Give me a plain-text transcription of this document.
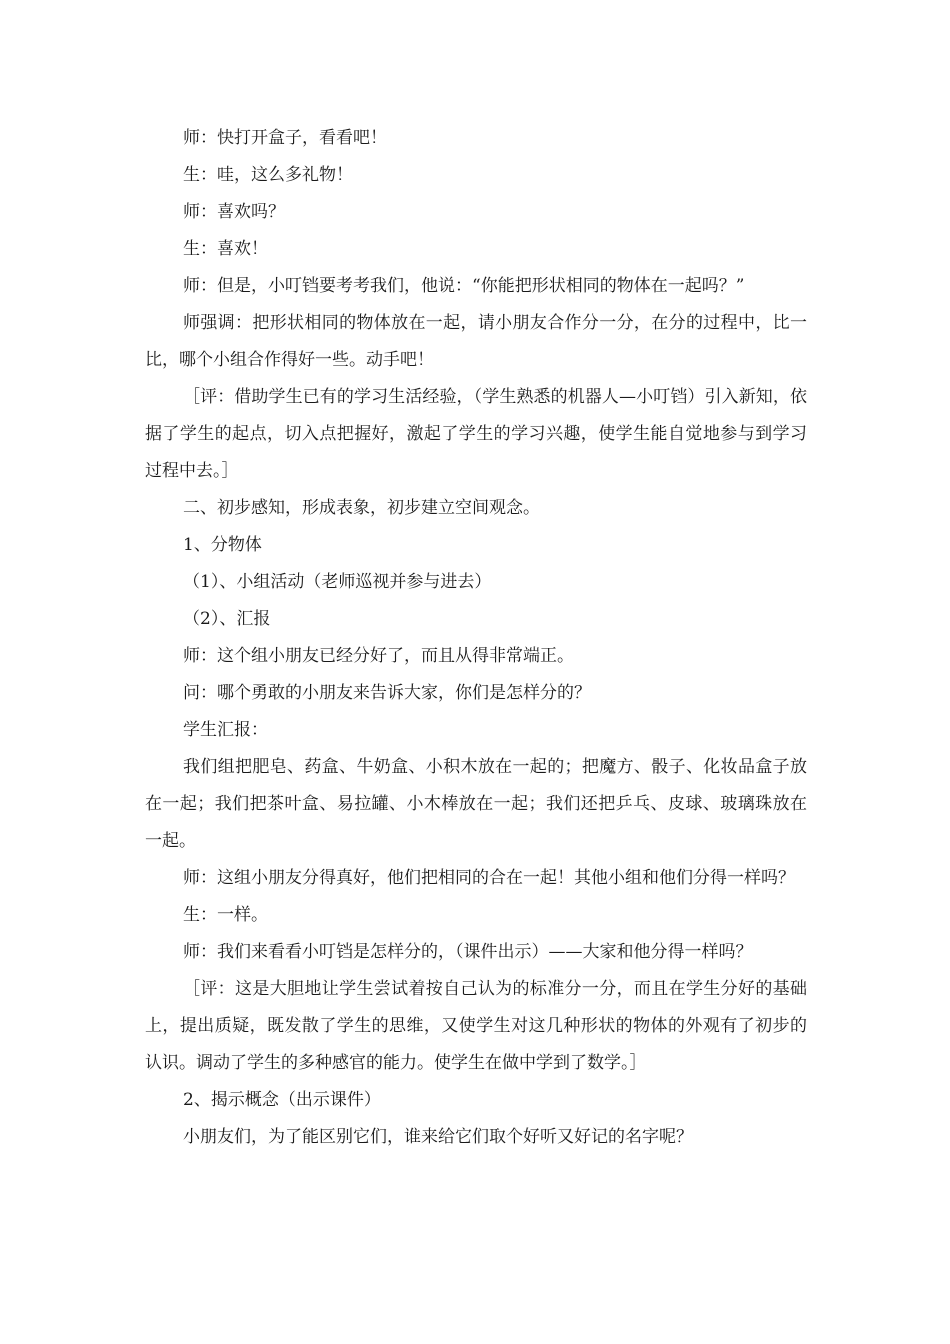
师：快打开盒子，看看吧！

生：哇，这么多礼物！

师：喜欢吗？

生：喜欢！

师：但是，小叮铛要考考我们，他说：“你能把形状相同的物体在一起吗？”

师强调：把形状相同的物体放在一起，请小朋友合作分一分，在分的过程中，比一比，哪个小组合作得好一些。动手吧！

［评：借助学生已有的学习生活经验，（学生熟悉的机器人—小叮铛）引入新知，依据了学生的起点，切入点把握好，激起了学生的学习兴趣，使学生能自觉地参与到学习过程中去。］

二、初步感知，形成表象，初步建立空间观念。

1、分物体

（1）、小组活动（老师巡视并参与进去）

（2）、汇报

师：这个组小朋友已经分好了，而且从得非常端正。

问：哪个勇敢的小朋友来告诉大家，你们是怎样分的？

学生汇报：

我们组把肥皂、药盒、牛奶盒、小积木放在一起的；把魔方、骰子、化妆品盒子放在一起；我们把茶叶盒、易拉罐、小木棒放在一起；我们还把乒乓、皮球、玻璃珠放在一起。

师：这组小朋友分得真好，他们把相同的合在一起！其他小组和他们分得一样吗？

生：一样。

师：我们来看看小叮铛是怎样分的，（课件出示）——大家和他分得一样吗？

［评：这是大胆地让学生尝试着按自己认为的标准分一分，而且在学生分好的基础上，提出质疑，既发散了学生的思维，又使学生对这几种形状的物体的外观有了初步的认识。调动了学生的多种感官的能力。使学生在做中学到了数学。］

2、揭示概念（出示课件）

小朋友们，为了能区别它们，谁来给它们取个好听又好记的名字呢？
